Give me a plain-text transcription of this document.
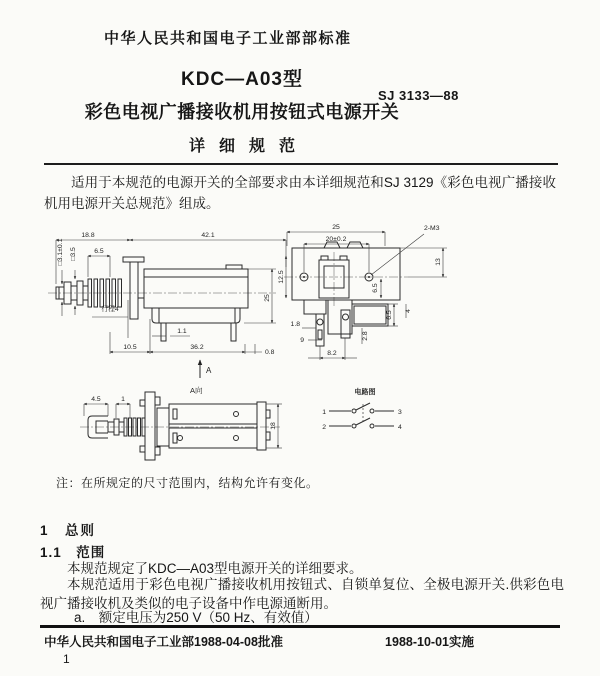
中华人民共和国电子工业部部标准
KDC—A03型
彩色电视广播接收机用按钮式电源开关
详细规范
SJ 3133—88
适用于本规范的电源开关的全部要求由本详细规范和SJ 3129《彩色电视广播接收机用电源开关总规范》组成。
18.8	42.1
6.5
□3.1±0.1 □3.5
行程4
25
10.5	36.2
0.8
1.1
A
25
20±0.2
2-M3
12.5
13
6.5
6.5 4
1.8
9	2.8
8.2
A向
4.5	1
18
电路图
1
2
3
4
注：在所规定的尺寸范围内，结构允许有变化。
1　总则
1.1　范围
本规范规定了KDC—A03型电源开关的详细要求。
本规范适用于彩色电视广播接收机用按钮式、自锁单复位、全极电源开关.供彩色电视广播接收机及类似的电子设备中作电源通断用。
a.　额定电压为250 V（50 Hz、有效值）
中华人民共和国电子工业部1988-04-08批准	1988-10-01实施
1
